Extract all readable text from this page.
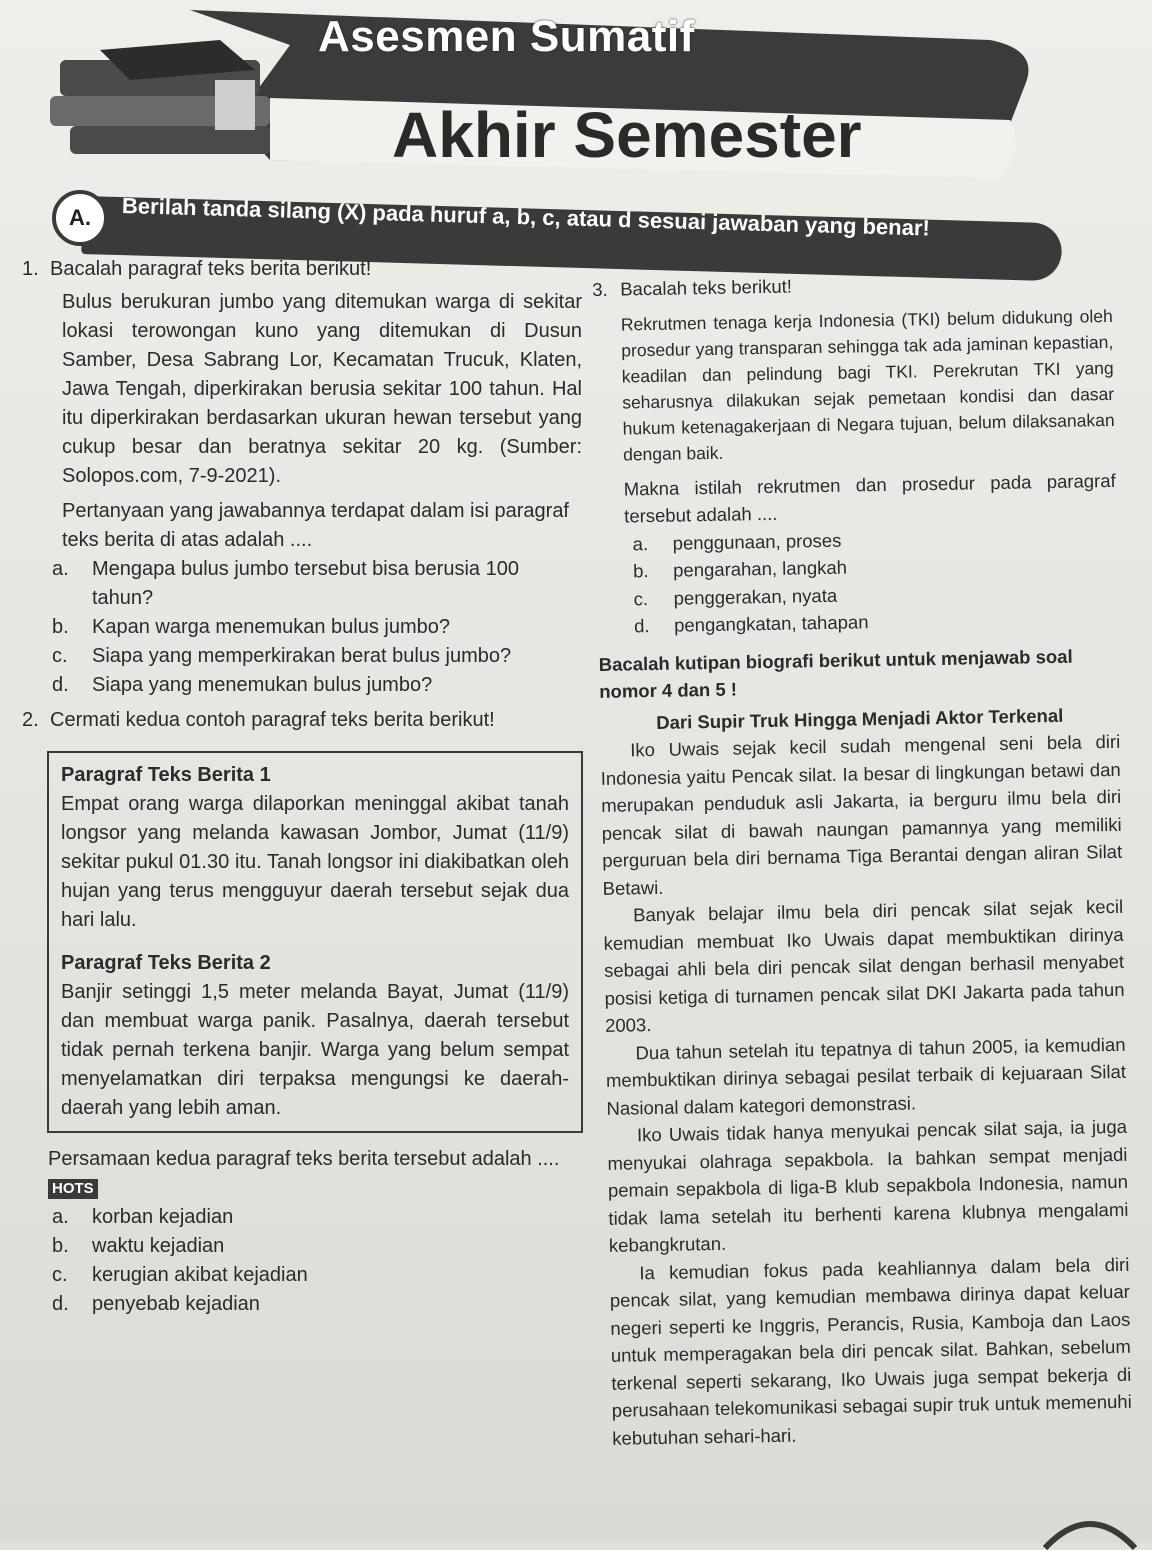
Asesmen Sumatif
Akhir Semester
A.	Berilah tanda silang (X) pada huruf a, b, c, atau d sesuai jawaban yang benar!

1. Bacalah paragraf teks berita berikut!

Bulus berukuran jumbo yang ditemukan warga di sekitar lokasi terowongan kuno yang ditemukan di Dusun Samber, Desa Sabrang Lor, Kecamatan Trucuk, Klaten, Jawa Tengah, diperkirakan berusia sekitar 100 tahun. Hal itu diperkirakan berdasarkan ukuran hewan tersebut yang cukup besar dan beratnya sekitar 20 kg. (Sumber: Solopos.com, 7-9-2021).

Pertanyaan yang jawabannya terdapat dalam isi paragraf teks berita di atas adalah ....

a.	Mengapa bulus jumbo tersebut bisa berusia 100 tahun?
b.	Kapan warga menemukan bulus jumbo?
c.	Siapa yang memperkirakan berat bulus jumbo?
d.	Siapa yang menemukan bulus jumbo?

2. Cermati kedua contoh paragraf teks berita berikut!

Paragraf Teks Berita 1

Empat orang warga dilaporkan meninggal akibat tanah longsor yang melanda kawasan Jombor, Jumat (11/9) sekitar pukul 01.30 itu. Tanah longsor ini diakibatkan oleh hujan yang terus mengguyur daerah tersebut sejak dua hari lalu.

Paragraf Teks Berita 2

Banjir setinggi 1,5 meter melanda Bayat, Jumat (11/9) dan membuat warga panik. Pasalnya, daerah tersebut tidak pernah terkena banjir. Warga yang belum sempat menyelamatkan diri terpaksa mengungsi ke daerah-daerah yang lebih aman.

Persamaan kedua paragraf teks berita tersebut adalah .... HOTS

a.	korban kejadian
b.	waktu kejadian
c.	kerugian akibat kejadian
d.	penyebab kejadian

3. Bacalah teks berikut!

Rekrutmen tenaga kerja Indonesia (TKI) belum didukung oleh prosedur yang transparan sehingga tak ada jaminan kepastian, keadilan dan pelindung bagi TKI. Perekrutan TKI yang seharusnya dilakukan sejak pemetaan kondisi dan dasar hukum ketenagakerjaan di Negara tujuan, belum dilaksanakan dengan baik.

Makna istilah rekrutmen dan prosedur pada paragraf tersebut adalah ....

a.	penggunaan, proses
b.	pengarahan, langkah
c.	penggerakan, nyata
d.	pengangkatan, tahapan

Bacalah kutipan biografi berikut untuk menjawab soal nomor 4 dan 5 !

Dari Supir Truk Hingga Menjadi Aktor Terkenal

Iko Uwais sejak kecil sudah mengenal seni bela diri Indonesia yaitu Pencak silat. Ia besar di lingkungan betawi dan merupakan penduduk asli Jakarta, ia berguru ilmu bela diri pencak silat di bawah naungan pamannya yang memiliki perguruan bela diri bernama Tiga Berantai dengan aliran Silat Betawi.

Banyak belajar ilmu bela diri pencak silat sejak kecil kemudian membuat Iko Uwais dapat membuktikan dirinya sebagai ahli bela diri pencak silat dengan berhasil menyabet posisi ketiga di turnamen pencak silat DKI Jakarta pada tahun 2003.

Dua tahun setelah itu tepatnya di tahun 2005, ia kemudian membuktikan dirinya sebagai pesilat terbaik di kejuaraan Silat Nasional dalam kategori demonstrasi.

Iko Uwais tidak hanya menyukai pencak silat saja, ia juga menyukai olahraga sepakbola. Ia bahkan sempat menjadi pemain sepakbola di liga-B klub sepakbola Indonesia, namun tidak lama setelah itu berhenti karena klubnya mengalami kebangkrutan.

Ia kemudian fokus pada keahliannya dalam bela diri pencak silat, yang kemudian membawa dirinya dapat keluar negeri seperti ke Inggris, Perancis, Rusia, Kamboja dan Laos untuk memperagakan bela diri pencak silat. Bahkan, sebelum terkenal seperti sekarang, Iko Uwais juga sempat bekerja di perusahaan telekomunikasi sebagai supir truk untuk memenuhi kebutuhan sehari-hari.
